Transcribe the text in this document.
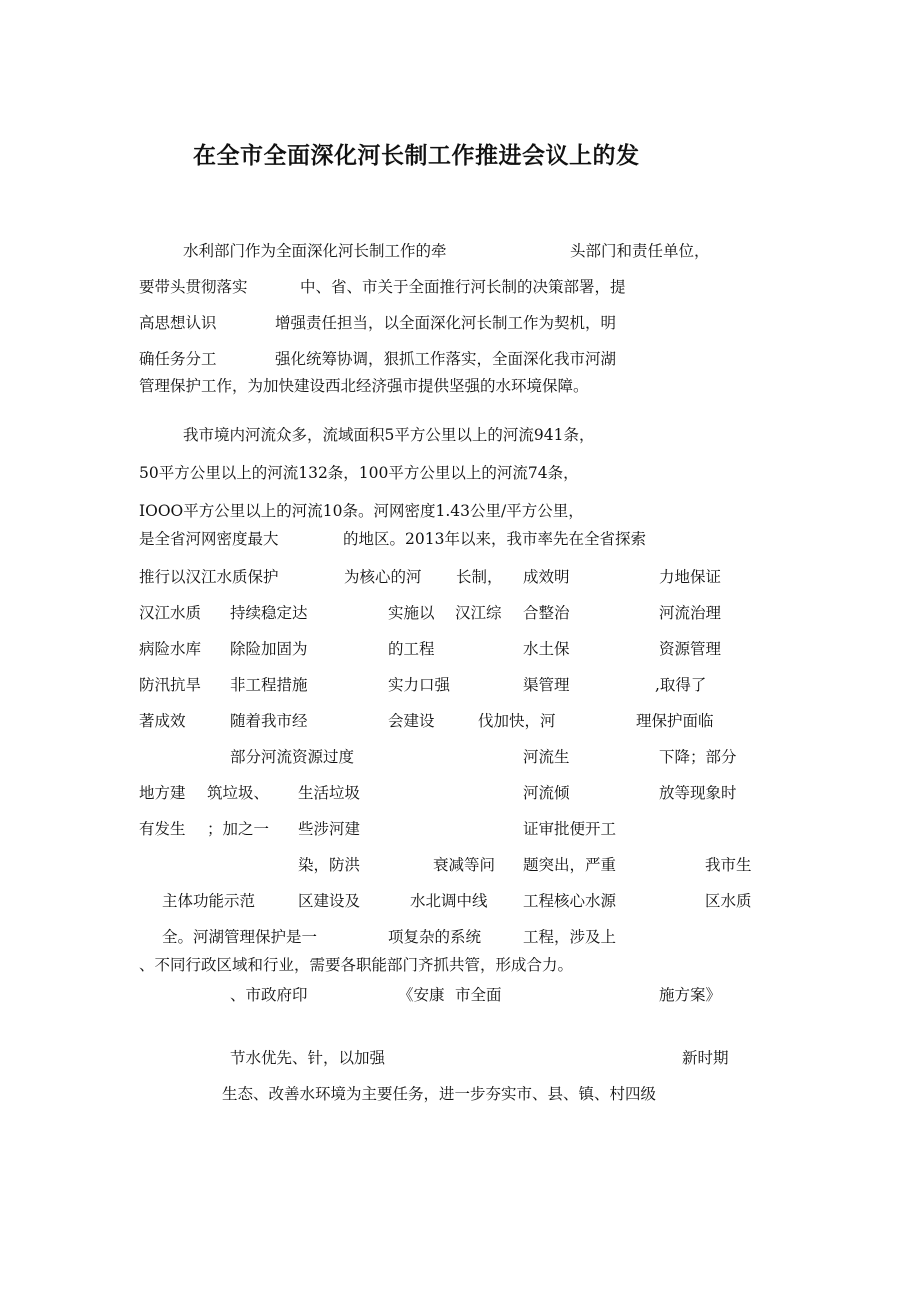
在全市全面深化河长制工作推进会议上的发
水利部门作为全面深化河长制工作的牵	头部门和责任单位，
要带头贯彻落实	中、省、市关于全面推行河长制的决策部署，提
高思想认识	增强责任担当，以全面深化河长制工作为契机，明
确任务分工	强化统筹协调，狠抓工作落实，全面深化我市河湖
管理保护工作，为加快建设西北经济强市提供坚强的水环境保障。
我市境内河流众多，流域面积5平方公里以上的河流941条，
50平方公里以上的河流132条，100平方公里以上的河流74条，
IOOO平方公里以上的河流10条。河网密度1.43公里/平方公里，
是全省河网密度最大	的地区。2013年以来，我市率先在全省探索
推行以汉江水质保护	为核心的河 长制， 成效明	力地保证
汉江水质 持续稳定达	实施以 汉江综 合整治	河流治理
病险水库 除险加固为	的工程	水土保	资源管理
防汛抗旱 非工程措施	实力口强	渠管理	,取得了
著成效	随着我市经	会建设	伐加快，河	理保护面临
部分河流资源过度	河流生	下降；部分
地方建 筑垃圾、 生活垃圾	河流倾	放等现象时
有发生 ；加之一 些涉河建	证审批便开工
染，防洪	衰减等问 题突出，严重	我市生
主体功能示范	区建设及	水北调中线 工程核心水源	区水质
全。河湖管理保护是一	项复杂的系统	工程，涉及上
、不同行政区域和行业，需要各职能部门齐抓共管，形成合力。
、市政府印	《安康 市全面	施方案》
节水优先、针，以加强	新时期
生态、改善水环境为主要任务，进一步夯实市、县、镇、村四级
